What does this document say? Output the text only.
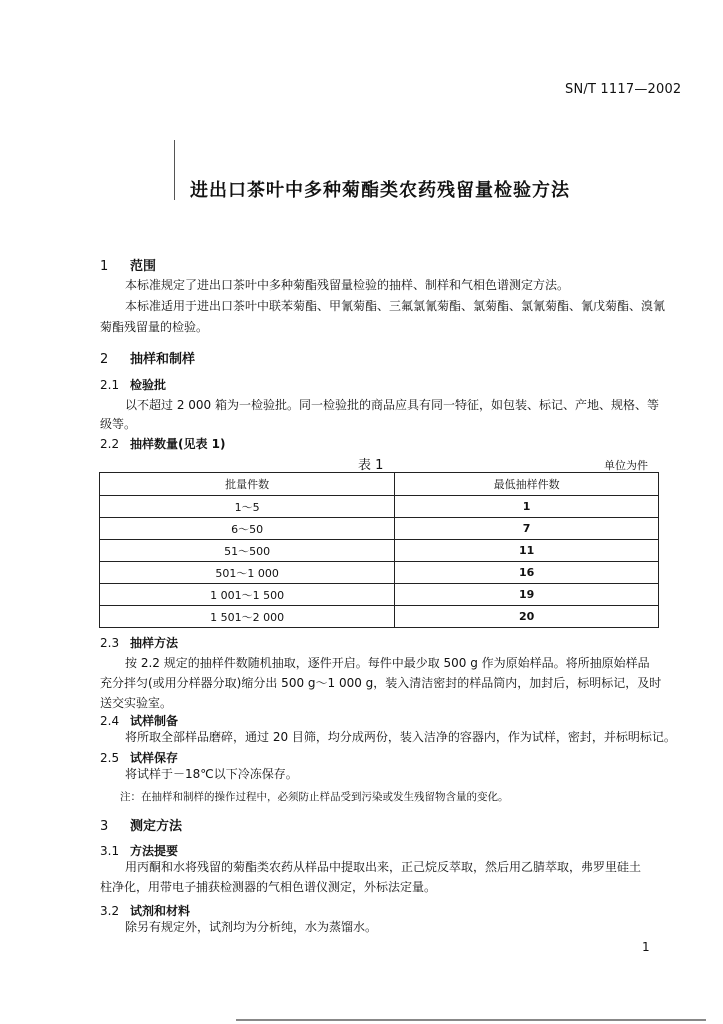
SN/T 1117—2002
进出口茶叶中多种菊酯类农药残留量检验方法
1 范围
本标准规定了进出口茶叶中多种菊酯残留量检验的抽样、制样和气相色谱测定方法。
本标准适用于进出口茶叶中联苯菊酯、甲氰菊酯、三氟氯氰菊酯、氯菊酯、氯氰菊酯、氰戊菊酯、溴氰
菊酯残留量的检验。
2 抽样和制样
2.1 检验批
以不超过 2 000 箱为一检验批。同一检验批的商品应具有同一特征，如包装、标记、产地、规格、等
级等。
2.2 抽样数量(见表 1)
表 1	单位为件
批量件数	最低抽样件数
1～5	1
6～50	7
51～500	11
501～1 000	16
1 001～1 500	19
1 501～2 000	20
2.3 抽样方法
按 2.2 规定的抽样件数随机抽取，逐件开启。每件中最少取 500 g 作为原始样品。将所抽原始样品
充分拌匀(或用分样器分取)缩分出 500 g～1 000 g，装入清洁密封的样品筒内，加封后，标明标记，及时
送交实验室。
2.4 试样制备
将所取全部样品磨碎，通过 20 目筛，均分成两份，装入洁净的容器内，作为试样，密封，并标明标记。
2.5 试样保存
将试样于－18℃以下冷冻保存。
注：在抽样和制样的操作过程中，必须防止样品受到污染或发生残留物含量的变化。
3 测定方法
3.1 方法提要
用丙酮和水将残留的菊酯类农药从样品中提取出来，正己烷反萃取，然后用乙腈萃取，弗罗里硅土
柱净化，用带电子捕获检测器的气相色谱仪测定，外标法定量。
3.2 试剂和材料
除另有规定外，试剂均为分析纯，水为蒸馏水。
1
